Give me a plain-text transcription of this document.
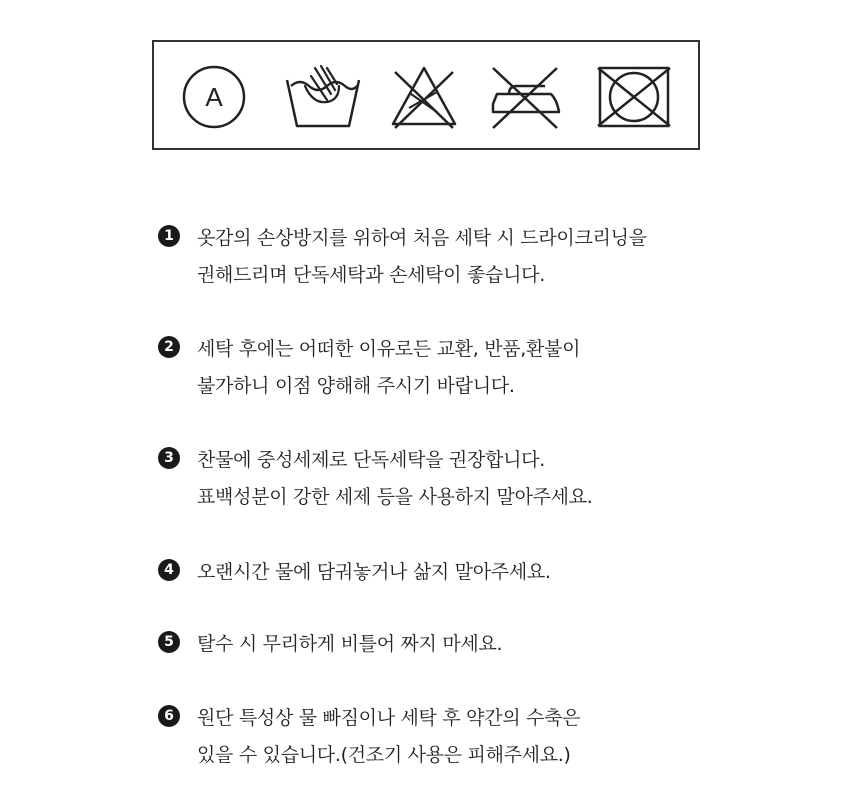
A
1	옷감의 손상방지를 위하여 처음 세탁 시 드라이크리닝을
권해드리며 단독세탁과 손세탁이 좋습니다.
2	세탁 후에는 어떠한 이유로든 교환, 반품,환불이
불가하니 이점 양해해 주시기 바랍니다.
3	찬물에 중성세제로 단독세탁을 권장합니다.
표백성분이 강한 세제 등을 사용하지 말아주세요.
4	오랜시간 물에 담궈놓거나 삶지 말아주세요.
5	탈수 시 무리하게 비틀어 짜지 마세요.
6	원단 특성상 물 빠짐이나 세탁 후 약간의 수축은
있을 수 있습니다.(건조기 사용은 피해주세요.)
